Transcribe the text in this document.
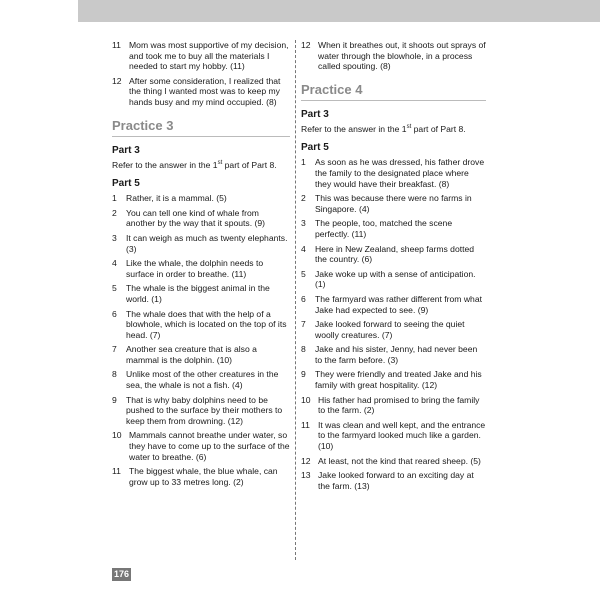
11 Mom was most supportive of my decision, and took me to buy all the materials I needed to start my hobby. (11)
12 After some consideration, I realized that the thing I wanted most was to keep my hands busy and my mind occupied. (8)
Practice 3
Part 3
Refer to the answer in the 1st part of Part 8.
Part 5
1	Rather, it is a mammal. (5)
2	You can tell one kind of whale from another by the way that it spouts. (9)
3	It can weigh as much as twenty elephants. (3)
4	Like the whale, the dolphin needs to surface in order to breathe. (11)
5	The whale is the biggest animal in the world. (1)
6	The whale does that with the help of a blowhole, which is located on the top of its head. (7)
7	Another sea creature that is also a mammal is the dolphin. (10)
8	Unlike most of the other creatures in the sea, the whale is not a fish. (4)
9	That is why baby dolphins need to be pushed to the surface by their mothers to keep them from drowning. (12)
10 Mammals cannot breathe under water, so they have to come up to the surface of the water to breathe. (6)
11 The biggest whale, the blue whale, can grow up to 33 metres long. (2)
12 When it breathes out, it shoots out sprays of water through the blowhole, in a process called spouting. (8)
Practice 4
Part 3
Refer to the answer in the 1st part of Part 8.
Part 5
1	As soon as he was dressed, his father drove the family to the designated place where they would have their breakfast. (8)
2	This was because there were no farms in Singapore. (4)
3	The people, too, matched the scene perfectly. (11)
4	Here in New Zealand, sheep farms dotted the country. (6)
5	Jake woke up with a sense of anticipation. (1)
6	The farmyard was rather different from what Jake had expected to see. (9)
7	Jake looked forward to seeing the quiet woolly creatures. (7)
8	Jake and his sister, Jenny, had never been to the farm before. (3)
9	They were friendly and treated Jake and his family with great hospitality. (12)
10 His father had promised to bring the family to the farm. (2)
11 It was clean and well kept, and the entrance to the farmyard looked much like a garden. (10)
12 At least, not the kind that reared sheep. (5)
13 Jake looked forward to an exciting day at the farm. (13)
176
